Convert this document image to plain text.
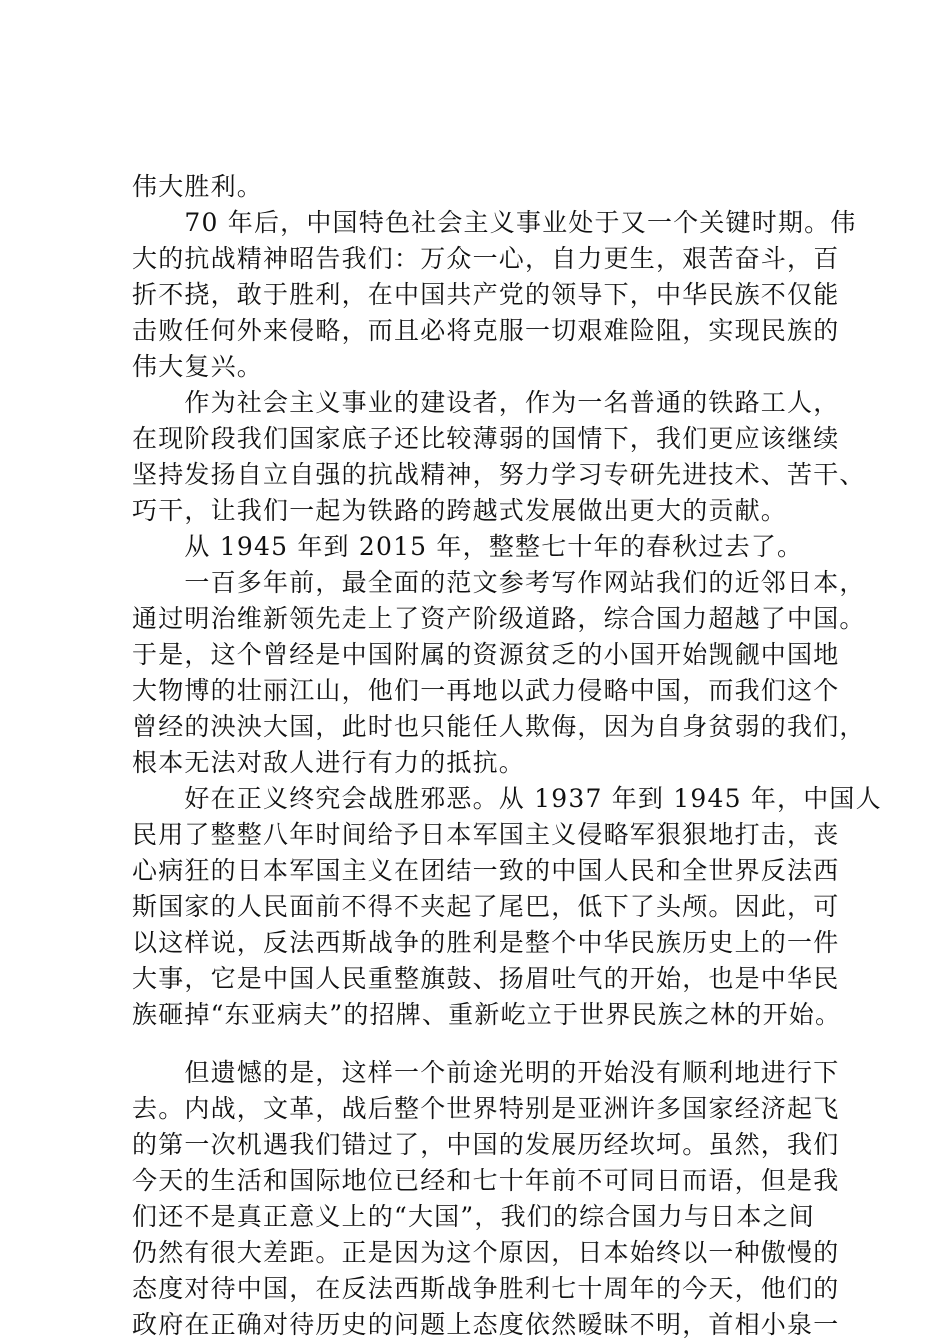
伟大胜利。
　　70 年后，中国特色社会主义事业处于又一个关键时期。伟
大的抗战精神昭告我们：万众一心，自力更生，艰苦奋斗，百
折不挠，敢于胜利，在中国共产党的领导下，中华民族不仅能
击败任何外来侵略，而且必将克服一切艰难险阻，实现民族的
伟大复兴。
　　作为社会主义事业的建设者，作为一名普通的铁路工人，
在现阶段我们国家底子还比较薄弱的国情下，我们更应该继续
坚持发扬自立自强的抗战精神，努力学习专研先进技术、苦干、
巧干，让我们一起为铁路的跨越式发展做出更大的贡献。
　　从 1945 年到 2015 年，整整七十年的春秋过去了。
　　一百多年前，最全面的范文参考写作网站我们的近邻日本，
通过明治维新领先走上了资产阶级道路，综合国力超越了中国。
于是，这个曾经是中国附属的资源贫乏的小国开始觊觎中国地
大物博的壮丽江山，他们一再地以武力侵略中国，而我们这个
曾经的泱泱大国，此时也只能任人欺侮，因为自身贫弱的我们，
根本无法对敌人进行有力的抵抗。
　　好在正义终究会战胜邪恶。从 1937 年到 1945 年，中国人
民用了整整八年时间给予日本军国主义侵略军狠狠地打击，丧
心病狂的日本军国主义在团结一致的中国人民和全世界反法西
斯国家的人民面前不得不夹起了尾巴，低下了头颅。因此，可
以这样说，反法西斯战争的胜利是整个中华民族历史上的一件
大事，它是中国人民重整旗鼓、扬眉吐气的开始，也是中华民
族砸掉“东亚病夫”的招牌、重新屹立于世界民族之林的开始。
　　但遗憾的是，这样一个前途光明的开始没有顺利地进行下
去。内战，文革，战后整个世界特别是亚洲许多国家经济起飞
的第一次机遇我们错过了，中国的发展历经坎坷。虽然，我们
今天的生活和国际地位已经和七十年前不可同日而语，但是我
们还不是真正意义上的“大国”，我们的综合国力与日本之间
仍然有很大差距。正是因为这个原因，日本始终以一种傲慢的
态度对待中国，在反法西斯战争胜利七十周年的今天，他们的
政府在正确对待历史的问题上态度依然暧昧不明，首相小泉一
